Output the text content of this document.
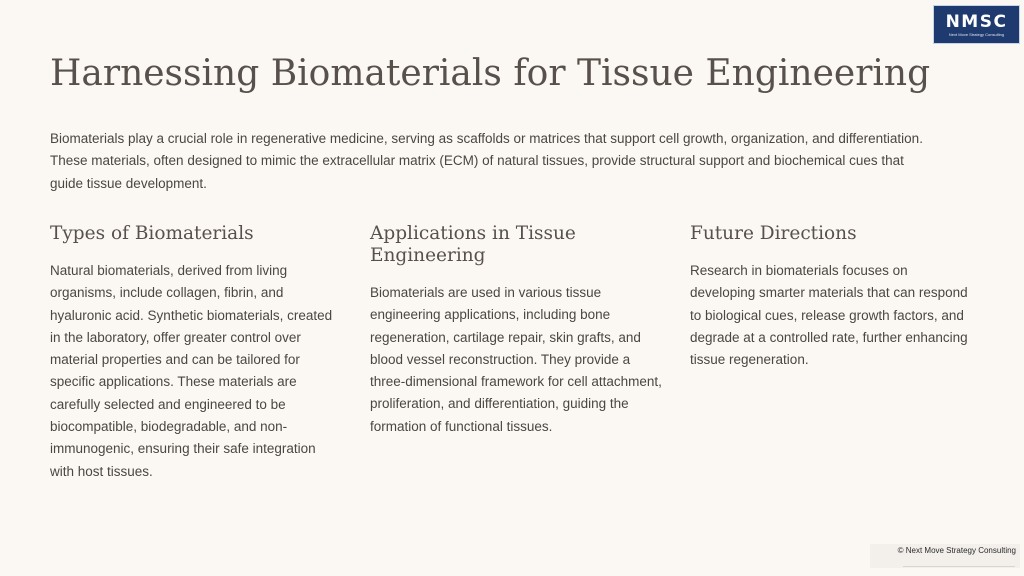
NMSC
Next Move Strategy Consulting
Harnessing Biomaterials for Tissue Engineering

Biomaterials play a crucial role in regenerative medicine, serving as scaffolds or matrices that support cell growth, organization, and differentiation. These materials, often designed to mimic the extracellular matrix (ECM) of natural tissues, provide structural support and biochemical cues that guide tissue development.

Types of Biomaterials

Natural biomaterials, derived from living organisms, include collagen, fibrin, and hyaluronic acid. Synthetic biomaterials, created in the laboratory, offer greater control over material properties and can be tailored for specific applications. These materials are carefully selected and engineered to be biocompatible, biodegradable, and non-immunogenic, ensuring their safe integration with host tissues.

Applications in Tissue Engineering

Biomaterials are used in various tissue engineering applications, including bone regeneration, cartilage repair, skin grafts, and blood vessel reconstruction. They provide a three-dimensional framework for cell attachment, proliferation, and differentiation, guiding the formation of functional tissues.

Future Directions

Research in biomaterials focuses on developing smarter materials that can respond to biological cues, release growth factors, and degrade at a controlled rate, further enhancing tissue regeneration.

© Next Move Strategy Consulting
